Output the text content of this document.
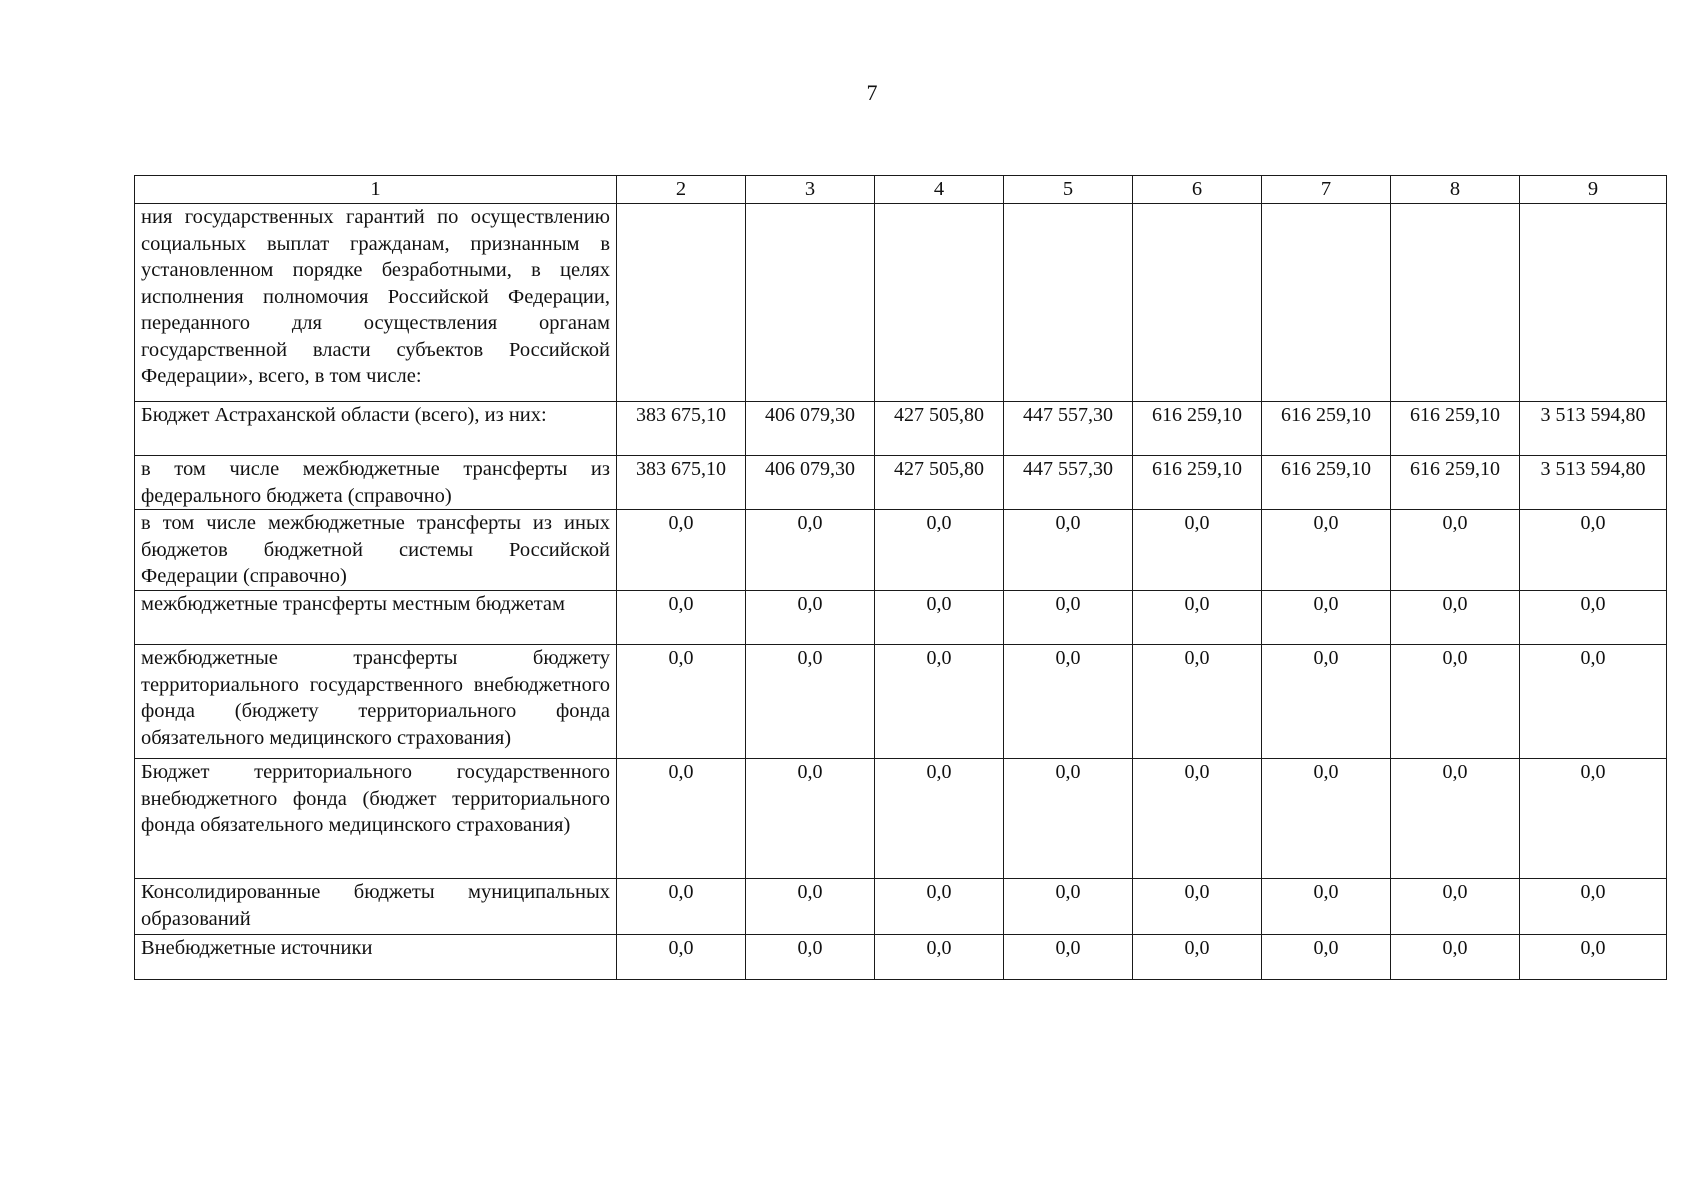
7
1	2	3	4	5	6	7	8	9
ния государственных гарантий по осуществлению социальных выплат гражданам, признанным в установленном порядке безработными, в целях исполнения полномочия Российской Федерации, переданного для осуществления органам государственной власти субъектов Российской Федерации», всего, в том числе:								
Бюджет Астраханской области (всего), из них:	383 675,10	406 079,30	427 505,80	447 557,30	616 259,10	616 259,10	616 259,10	3 513 594,80
в том числе межбюджетные трансферты из федерального бюджета (справочно)	383 675,10	406 079,30	427 505,80	447 557,30	616 259,10	616 259,10	616 259,10	3 513 594,80
в том числе межбюджетные трансферты из иных бюджетов бюджетной системы Российской Федерации (справочно)	0,0	0,0	0,0	0,0	0,0	0,0	0,0	0,0
межбюджетные трансферты местным бюджетам	0,0	0,0	0,0	0,0	0,0	0,0	0,0	0,0
межбюджетные трансферты бюджету территориального государственного внебюджетного фонда (бюджету территориального фонда обязательного медицинского страхования)	0,0	0,0	0,0	0,0	0,0	0,0	0,0	0,0
Бюджет территориального государственного внебюджетного фонда (бюджет территориального фонда обязательного медицинского страхования)	0,0	0,0	0,0	0,0	0,0	0,0	0,0	0,0
Консолидированные бюджеты муниципальных образований	0,0	0,0	0,0	0,0	0,0	0,0	0,0	0,0
Внебюджетные источники	0,0	0,0	0,0	0,0	0,0	0,0	0,0	0,0
